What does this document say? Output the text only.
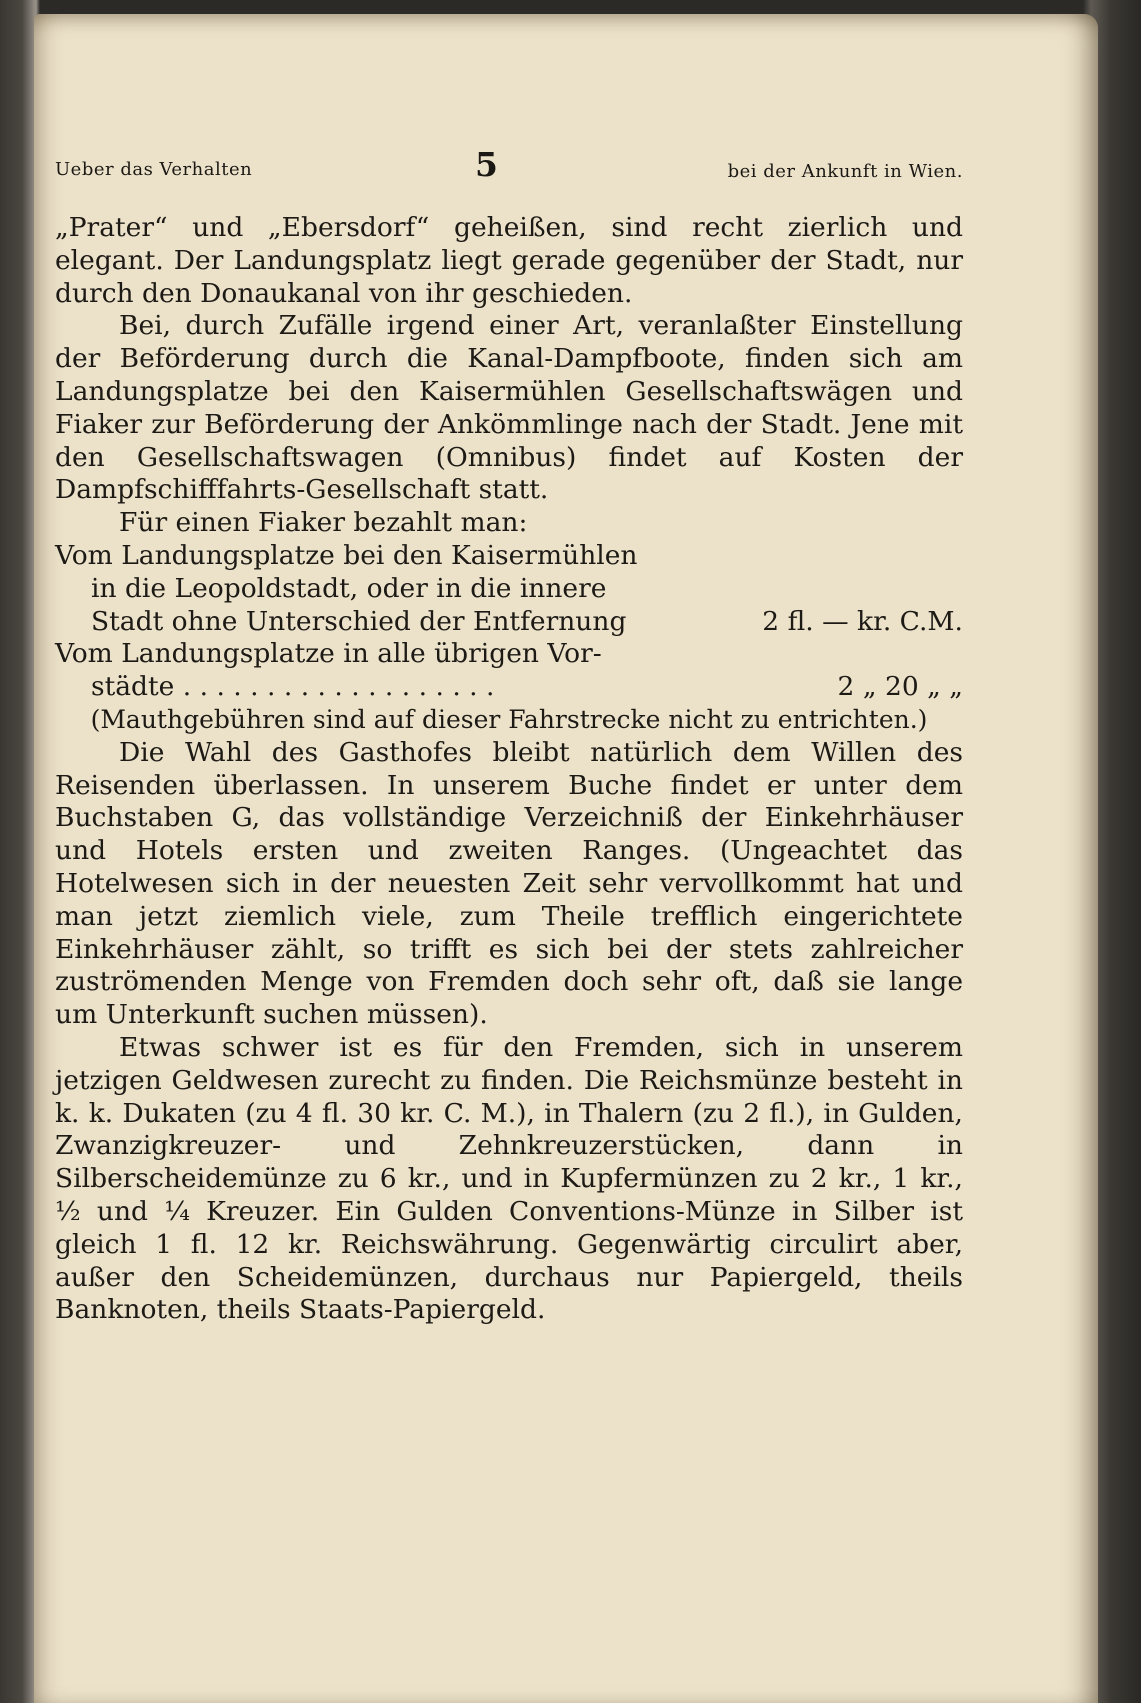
Ueber das Verhalten	5	bei der Ankunft in Wien.

„Prater“ und „Ebersdorf“ geheißen, sind recht zierlich und elegant. Der Landungsplatz liegt gerade gegenüber der Stadt, nur durch den Donaukanal von ihr geschieden.

Bei, durch Zufälle irgend einer Art, veranlaßter Einstellung der Beförderung durch die Kanal-Dampfboote, finden sich am Landungsplatze bei den Kaisermühlen Gesellschaftswägen und Fiaker zur Beförderung der Ankömmlinge nach der Stadt. Jene mit den Gesellschaftswagen (Omnibus) findet auf Kosten der Dampfschifffahrts-Gesellschaft statt.

Für einen Fiaker bezahlt man:

Vom Landungsplatze bei den Kaisermühlen
in die Leopoldstadt, oder in die innere
Stadt ohne Unterschied der Entfernung	2 fl. — kr. C.M.
Vom Landungsplatze in alle übrigen Vor-
städte . . . . . . . . . . . . . . . . . . .	2 „ 20 „ „

(Mauthgebühren sind auf dieser Fahrstrecke nicht zu entrichten.)

Die Wahl des Gasthofes bleibt natürlich dem Willen des Reisenden überlassen. In unserem Buche findet er unter dem Buchstaben G, das vollständige Verzeichniß der Einkehrhäuser und Hotels ersten und zweiten Ranges. (Ungeachtet das Hotelwesen sich in der neuesten Zeit sehr vervollkommt hat und man jetzt ziemlich viele, zum Theile trefflich eingerichtete Einkehrhäuser zählt, so trifft es sich bei der stets zahlreicher zuströmenden Menge von Fremden doch sehr oft, daß sie lange um Unterkunft suchen müssen).

Etwas schwer ist es für den Fremden, sich in unserem jetzigen Geldwesen zurecht zu finden. Die Reichsmünze besteht in k. k. Dukaten (zu 4 fl. 30 kr. C. M.), in Thalern (zu 2 fl.), in Gulden, Zwanzigkreuzer- und Zehnkreuzerstücken, dann in Silberscheidemünze zu 6 kr., und in Kupfermünzen zu 2 kr., 1 kr., ½ und ¼ Kreuzer. Ein Gulden Conventions-Münze in Silber ist gleich 1 fl. 12 kr. Reichswährung. Gegenwärtig circulirt aber, außer den Scheidemünzen, durchaus nur Papiergeld, theils Banknoten, theils Staats-Papiergeld.
